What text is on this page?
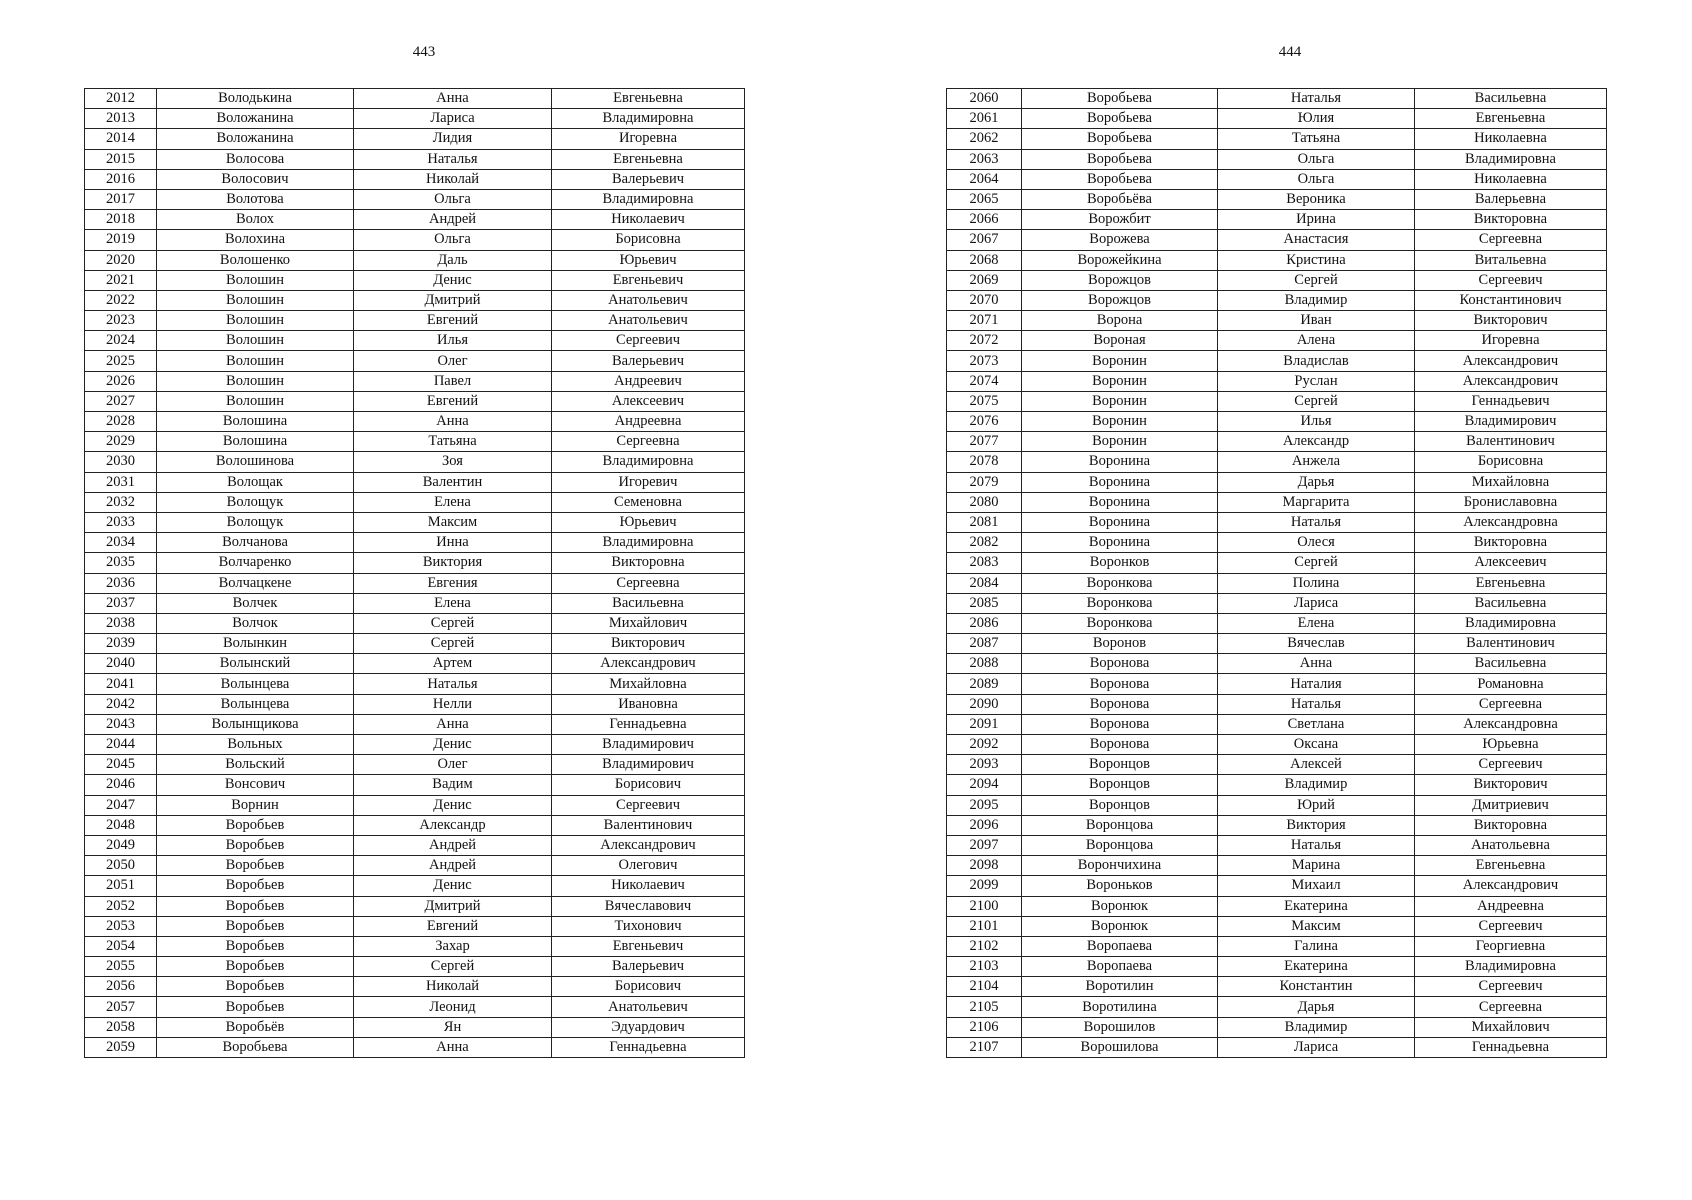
443	444
2012	Володькина	Анна	Евгеньевна
2013	Воложанина	Лариса	Владимировна
2014	Воложанина	Лидия	Игоревна
2015	Волосова	Наталья	Евгеньевна
2016	Волосович	Николай	Валерьевич
2017	Волотова	Ольга	Владимировна
2018	Волох	Андрей	Николаевич
2019	Волохина	Ольга	Борисовна
2020	Волошенко	Даль	Юрьевич
2021	Волошин	Денис	Евгеньевич
2022	Волошин	Дмитрий	Анатольевич
2023	Волошин	Евгений	Анатольевич
2024	Волошин	Илья	Сергеевич
2025	Волошин	Олег	Валерьевич
2026	Волошин	Павел	Андреевич
2027	Волошин	Евгений	Алексеевич
2028	Волошина	Анна	Андреевна
2029	Волошина	Татьяна	Сергеевна
2030	Волошинова	Зоя	Владимировна
2031	Волощак	Валентин	Игоревич
2032	Волощук	Елена	Семеновна
2033	Волощук	Максим	Юрьевич
2034	Волчанова	Инна	Владимировна
2035	Волчаренко	Виктория	Викторовна
2036	Волчацкене	Евгения	Сергеевна
2037	Волчек	Елена	Васильевна
2038	Волчок	Сергей	Михайлович
2039	Волынкин	Сергей	Викторович
2040	Волынский	Артем	Александрович
2041	Волынцева	Наталья	Михайловна
2042	Волынцева	Нелли	Ивановна
2043	Волынщикова	Анна	Геннадьевна
2044	Вольных	Денис	Владимирович
2045	Вольский	Олег	Владимирович
2046	Вонсович	Вадим	Борисович
2047	Ворнин	Денис	Сергеевич
2048	Воробьев	Александр	Валентинович
2049	Воробьев	Андрей	Александрович
2050	Воробьев	Андрей	Олегович
2051	Воробьев	Денис	Николаевич
2052	Воробьев	Дмитрий	Вячеславович
2053	Воробьев	Евгений	Тихонович
2054	Воробьев	Захар	Евгеньевич
2055	Воробьев	Сергей	Валерьевич
2056	Воробьев	Николай	Борисович
2057	Воробьев	Леонид	Анатольевич
2058	Воробьёв	Ян	Эдуардович
2059	Воробьева	Анна	Геннадьевна
2060	Воробьева	Наталья	Васильевна
2061	Воробьева	Юлия	Евгеньевна
2062	Воробьева	Татьяна	Николаевна
2063	Воробьева	Ольга	Владимировна
2064	Воробьева	Ольга	Николаевна
2065	Воробьёва	Вероника	Валерьевна
2066	Ворожбит	Ирина	Викторовна
2067	Ворожева	Анастасия	Сергеевна
2068	Ворожейкина	Кристина	Витальевна
2069	Ворожцов	Сергей	Сергеевич
2070	Ворожцов	Владимир	Константинович
2071	Ворона	Иван	Викторович
2072	Вороная	Алена	Игоревна
2073	Воронин	Владислав	Александрович
2074	Воронин	Руслан	Александрович
2075	Воронин	Сергей	Геннадьевич
2076	Воронин	Илья	Владимирович
2077	Воронин	Александр	Валентинович
2078	Воронина	Анжела	Борисовна
2079	Воронина	Дарья	Михайловна
2080	Воронина	Маргарита	Брониславовна
2081	Воронина	Наталья	Александровна
2082	Воронина	Олеся	Викторовна
2083	Воронков	Сергей	Алексеевич
2084	Воронкова	Полина	Евгеньевна
2085	Воронкова	Лариса	Васильевна
2086	Воронкова	Елена	Владимировна
2087	Воронов	Вячеслав	Валентинович
2088	Воронова	Анна	Васильевна
2089	Воронова	Наталия	Романовна
2090	Воронова	Наталья	Сергеевна
2091	Воронова	Светлана	Александровна
2092	Воронова	Оксана	Юрьевна
2093	Воронцов	Алексей	Сергеевич
2094	Воронцов	Владимир	Викторович
2095	Воронцов	Юрий	Дмитриевич
2096	Воронцова	Виктория	Викторовна
2097	Воронцова	Наталья	Анатольевна
2098	Ворончихина	Марина	Евгеньевна
2099	Вороньков	Михаил	Александрович
2100	Воронюк	Екатерина	Андреевна
2101	Воронюк	Максим	Сергеевич
2102	Воропаева	Галина	Георгиевна
2103	Воропаева	Екатерина	Владимировна
2104	Воротилин	Константин	Сергеевич
2105	Воротилина	Дарья	Сергеевна
2106	Ворошилов	Владимир	Михайлович
2107	Ворошилова	Лариса	Геннадьевна
